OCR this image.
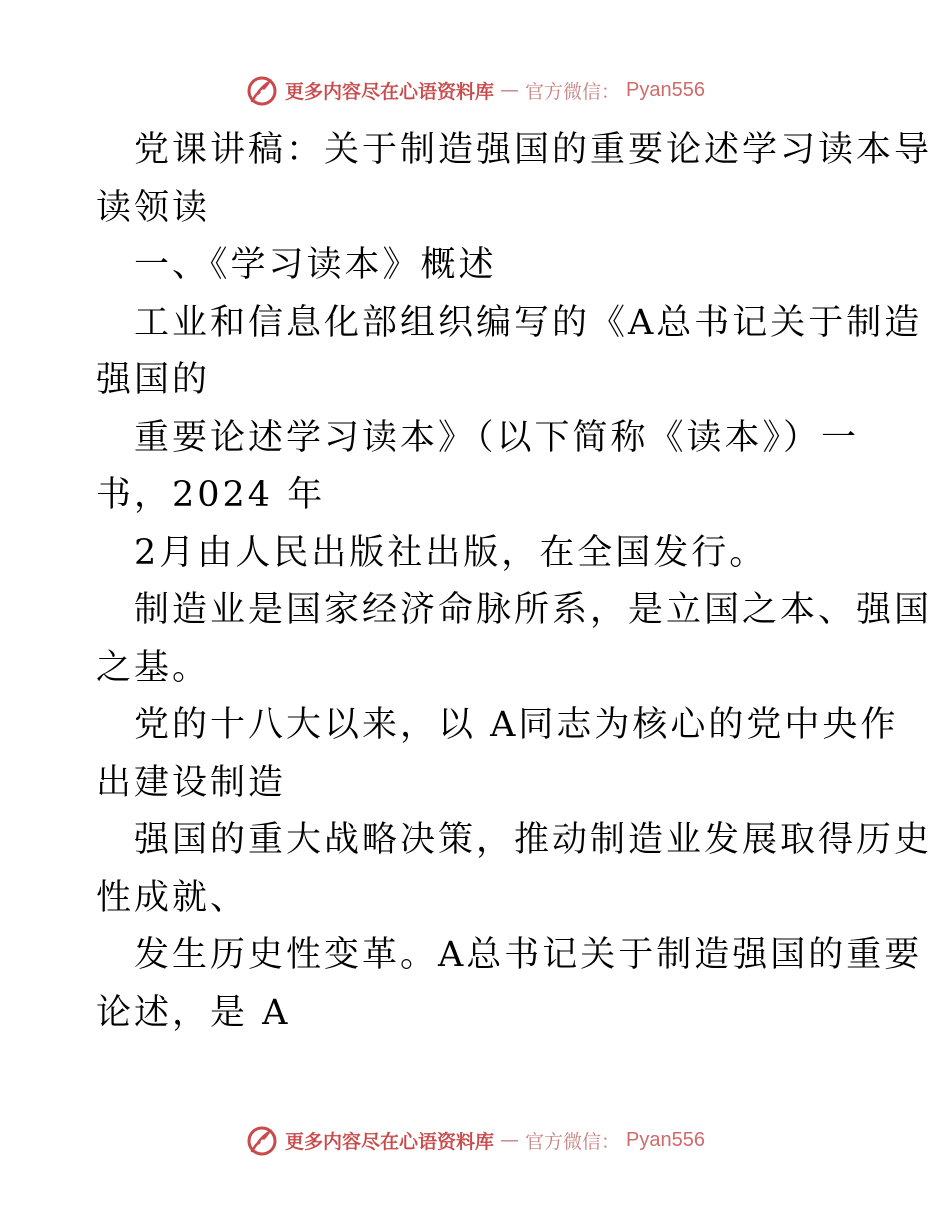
更多内容尽在心语资料库 — 官方微信： Pyan556
党课讲稿：关于制造强国的重要论述学习读本导
读领读
一、《学习读本》概述
工业和信息化部组织编写的《A总书记关于制造
强国的
重要论述学习读本》（以下简称《读本》）一
书，2024 年
2月由人民出版社出版，在全国发行。
制造业是国家经济命脉所系，是立国之本、强国
之基。
党的十八大以来，以 A同志为核心的党中央作
出建设制造
强国的重大战略决策，推动制造业发展取得历史
性成就、
发生历史性变革。A总书记关于制造强国的重要
论述，是 A
更多内容尽在心语资料库 — 官方微信： Pyan556
